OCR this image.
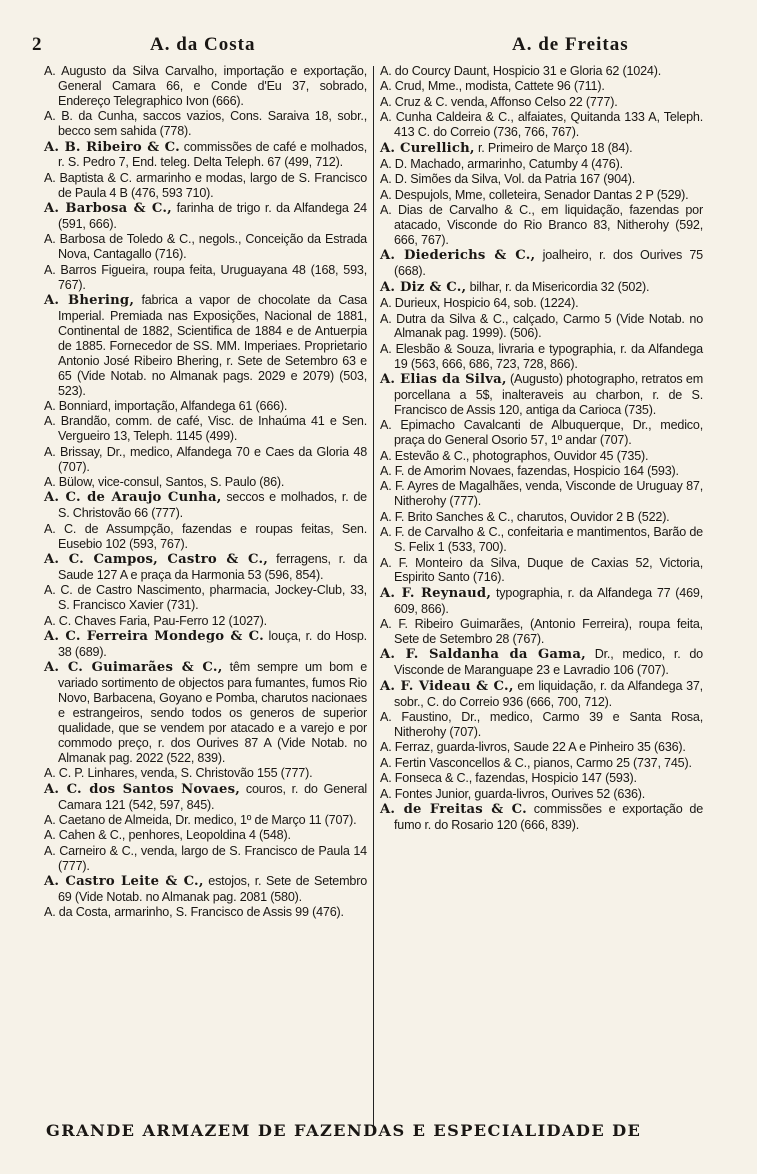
2	A. da Costa	A. de Freitas
A. Augusto da Silva Carvalho, importação e exportação, General Camara 66, e Conde d'Eu 37, sobrado, Endereço Telegraphico Ivon (666).
A. B. da Cunha, saccos vazios, Cons. Saraiva 18, sobr., becco sem sahida (778).
A. B. Ribeiro & C. commissões de café e molhados, r. S. Pedro 7, End. teleg. Delta Teleph. 67 (499, 712).
A. Baptista & C. armarinho e modas, largo de S. Francisco de Paula 4 B (476, 593 710).
A. Barbosa & C., farinha de trigo r. da Alfandega 24 (591, 666).
A. Barbosa de Toledo & C., negols., Conceição da Estrada Nova, Cantagallo (716).
A. Barros Figueira, roupa feita, Uruguayana 48 (168, 593, 767).
A. Bhering, fabrica a vapor de chocolate da Casa Imperial. Premiada nas Exposições, Nacional de 1881, Continental de 1882, Scientifica de 1884 e de Antuerpia de 1885. Fornecedor de SS. MM. Imperiaes. Proprietario Antonio José Ribeiro Bhering, r. Sete de Setembro 63 e 65 (Vide Notab. no Almanak pags. 2029 e 2079) (503, 523).
A. Bonniard, importação, Alfandega 61 (666).
A. Brandão, comm. de café, Visc. de Inhaúma 41 e Sen. Vergueiro 13, Teleph. 1145 (499).
A. Brissay, Dr., medico, Alfandega 70 e Caes da Gloria 48 (707).
A. Bülow, vice-consul, Santos, S. Paulo (86).
A. C. de Araujo Cunha, seccos e molhados, r. de S. Christovão 66 (777).
A. C. de Assumpção, fazendas e roupas feitas, Sen. Eusebio 102 (593, 767).
A. C. Campos, Castro & C., ferragens, r. da Saude 127 A e praça da Harmonia 53 (596, 854).
A. C. de Castro Nascimento, pharmacia, Jockey-Club, 33, S. Francisco Xavier (731).
A. C. Chaves Faria, Pau-Ferro 12 (1027).
A. C. Ferreira Mondego & C. louça, r. do Hosp. 38 (689).
A. C. Guimarães & C., têm sempre um bom e variado sortimento de objectos para fumantes, fumos Rio Novo, Barbacena, Goyano e Pomba, charutos nacionaes e estrangeiros, sendo todos os generos de superior qualidade, que se vendem por atacado e a varejo e por commodo preço, r. dos Ourives 87 A (Vide Notab. no Almanak pag. 2022 (522, 839).
A. C. P. Linhares, venda, S. Christovão 155 (777).
A. C. dos Santos Novaes, couros, r. do General Camara 121 (542, 597, 845).
A. Caetano de Almeida, Dr. medico, 1º de Março 11 (707).
A. Cahen & C., penhores, Leopoldina 4 (548).
A. Carneiro & C., venda, largo de S. Francisco de Paula 14 (777).
A. Castro Leite & C., estojos, r. Sete de Setembro 69 (Vide Notab. no Almanak pag. 2081 (580).
A. da Costa, armarinho, S. Francisco de Assis 99 (476).
A. do Courcy Daunt, Hospicio 31 e Gloria 62 (1024).
A. Crud, Mme., modista, Cattete 96 (711).
A. Cruz & C. venda, Affonso Celso 22 (777).
A. Cunha Caldeira & C., alfaiates, Quitanda 133 A, Teleph. 413 C. do Correio (736, 766, 767).
A. Curellich, r. Primeiro de Março 18 (84).
A. D. Machado, armarinho, Catumby 4 (476).
A. D. Simões da Silva, Vol. da Patria 167 (904).
A. Despujols, Mme, colleteira, Senador Dantas 2 P (529).
A. Dias de Carvalho & C., em liquidação, fazendas por atacado, Visconde do Rio Branco 83, Nitherohy (592, 666, 767).
A. Diederichs & C., joalheiro, r. dos Ourives 75 (668).
A. Diz & C., bilhar, r. da Misericordia 32 (502).
A. Durieux, Hospicio 64, sob. (1224).
A. Dutra da Silva & C., calçado, Carmo 5 (Vide Notab. no Almanak pag. 1999). (506).
A. Elesbão & Souza, livraria e typographia, r. da Alfandega 19 (563, 666, 686, 723, 728, 866).
A. Elias da Silva, (Augusto) photographo, retratos em porcellana a 5$, inalteraveis au charbon, r. de S. Francisco de Assis 120, antiga da Carioca (735).
A. Epimacho Cavalcanti de Albuquerque, Dr., medico, praça do General Osorio 57, 1º andar (707).
A. Estevão & C., photographos, Ouvidor 45 (735).
A. F. de Amorim Novaes, fazendas, Hospicio 164 (593).
A. F. Ayres de Magalhães, venda, Visconde de Uruguay 87, Nitherohy (777).
A. F. Brito Sanches & C., charutos, Ouvidor 2 B (522).
A. F. de Carvalho & C., confeitaria e mantimentos, Barão de S. Felix 1 (533, 700).
A. F. Monteiro da Silva, Duque de Caxias 52, Victoria, Espirito Santo (716).
A. F. Reynaud, typographia, r. da Alfandega 77 (469, 609, 866).
A. F. Ribeiro Guimarães, (Antonio Ferreira), roupa feita, Sete de Setembro 28 (767).
A. F. Saldanha da Gama, Dr., medico, r. do Visconde de Maranguape 23 e Lavradio 106 (707).
A. F. Videau & C., em liquidação, r. da Alfandega 37, sobr., C. do Correio 936 (666, 700, 712).
A. Faustino, Dr., medico, Carmo 39 e Santa Rosa, Nitherohy (707).
A. Ferraz, guarda-livros, Saude 22 A e Pinheiro 35 (636).
A. Fertin Vasconcellos & C., pianos, Carmo 25 (737, 745).
A. Fonseca & C., fazendas, Hospicio 147 (593).
A. Fontes Junior, guarda-livros, Ourives 52 (636).
A. de Freitas & C. commissões e exportação de fumo r. do Rosario 120 (666, 839).
GRANDE ARMAZEM DE FAZENDAS E ESPECIALIDADE DE
